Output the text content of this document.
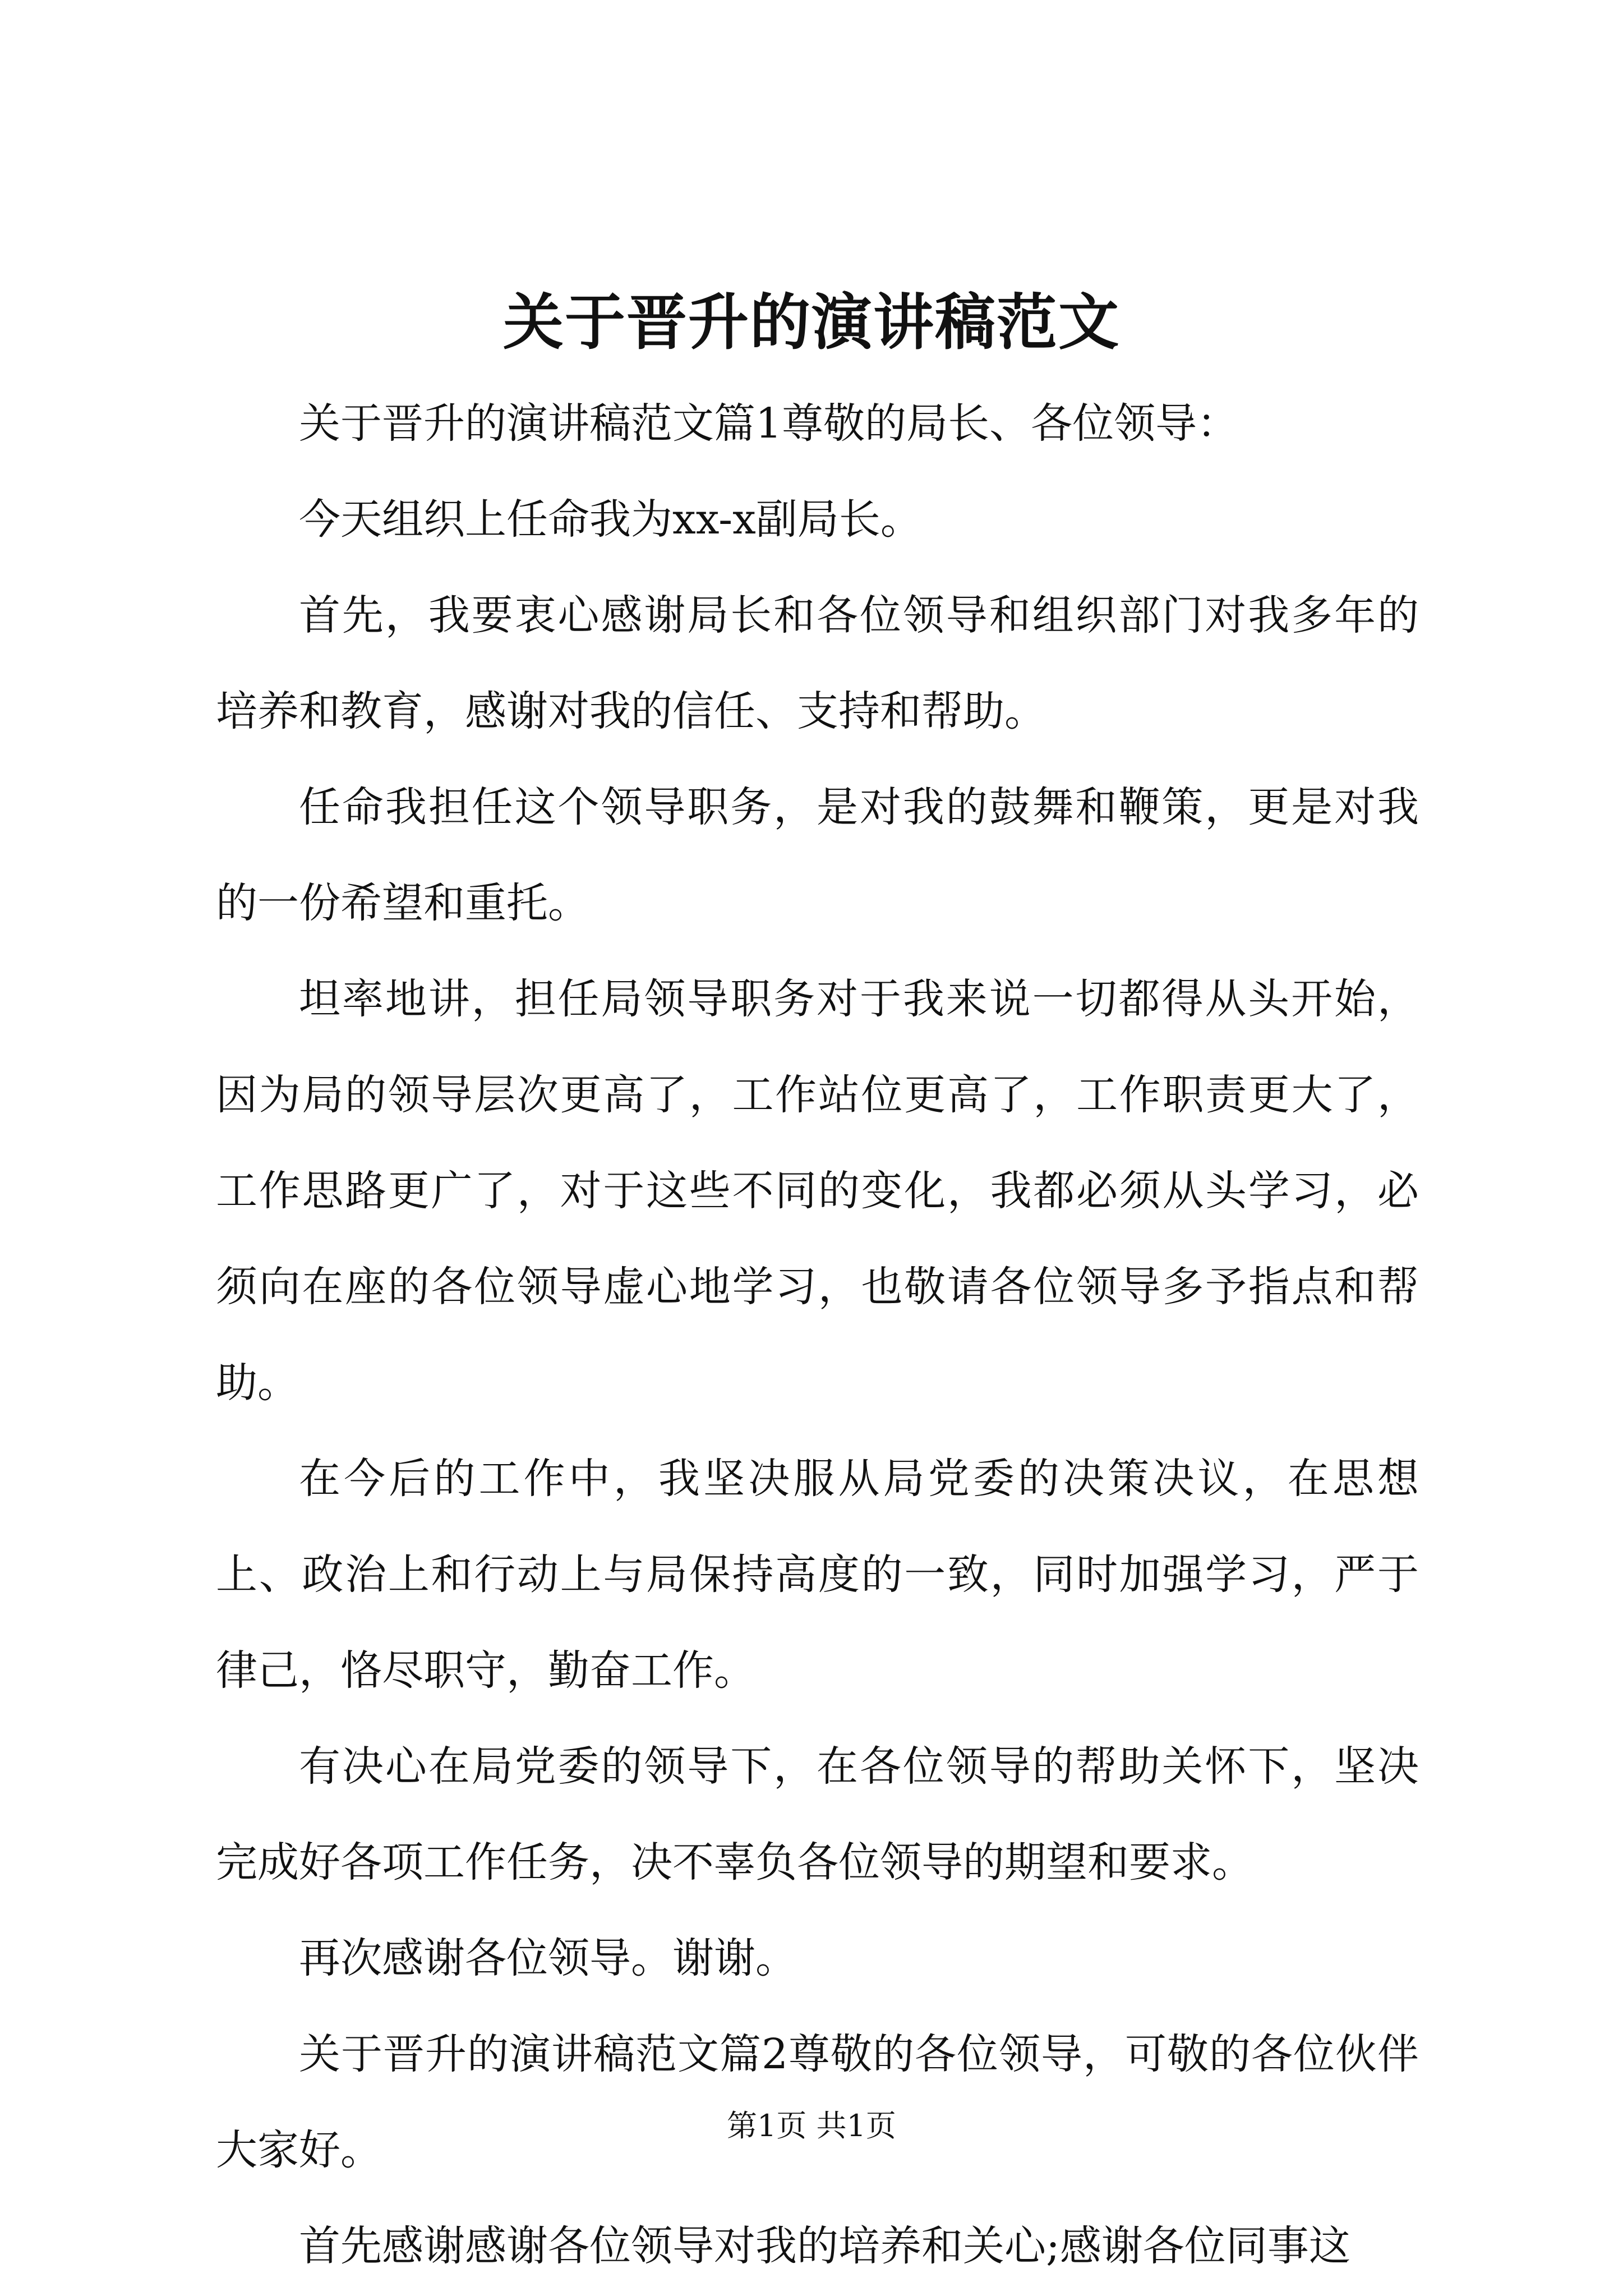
关于晋升的演讲稿范文

关于晋升的演讲稿范文篇1尊敬的局长、各位领导：

今天组织上任命我为xx-x副局长。

首先，我要衷心感谢局长和各位领导和组织部门对我多年的培养和教育，感谢对我的信任、支持和帮助。

任命我担任这个领导职务，是对我的鼓舞和鞭策，更是对我的一份希望和重托。

坦率地讲，担任局领导职务对于我来说一切都得从头开始，因为局的领导层次更高了，工作站位更高了，工作职责更大了，工作思路更广了，对于这些不同的变化，我都必须从头学习，必须向在座的各位领导虚心地学习，也敬请各位领导多予指点和帮助。

在今后的工作中，我坚决服从局党委的决策决议，在思想上、政治上和行动上与局保持高度的一致，同时加强学习，严于律己，恪尽职守，勤奋工作。

有决心在局党委的领导下，在各位领导的帮助关怀下，坚决完成好各项工作任务，决不辜负各位领导的期望和要求。

再次感谢各位领导。谢谢。

关于晋升的演讲稿范文篇2尊敬的各位领导，可敬的各位伙伴大家好。

首先感谢感谢各位领导对我的培养和关心;感谢各位同事这

第1页 共1页
